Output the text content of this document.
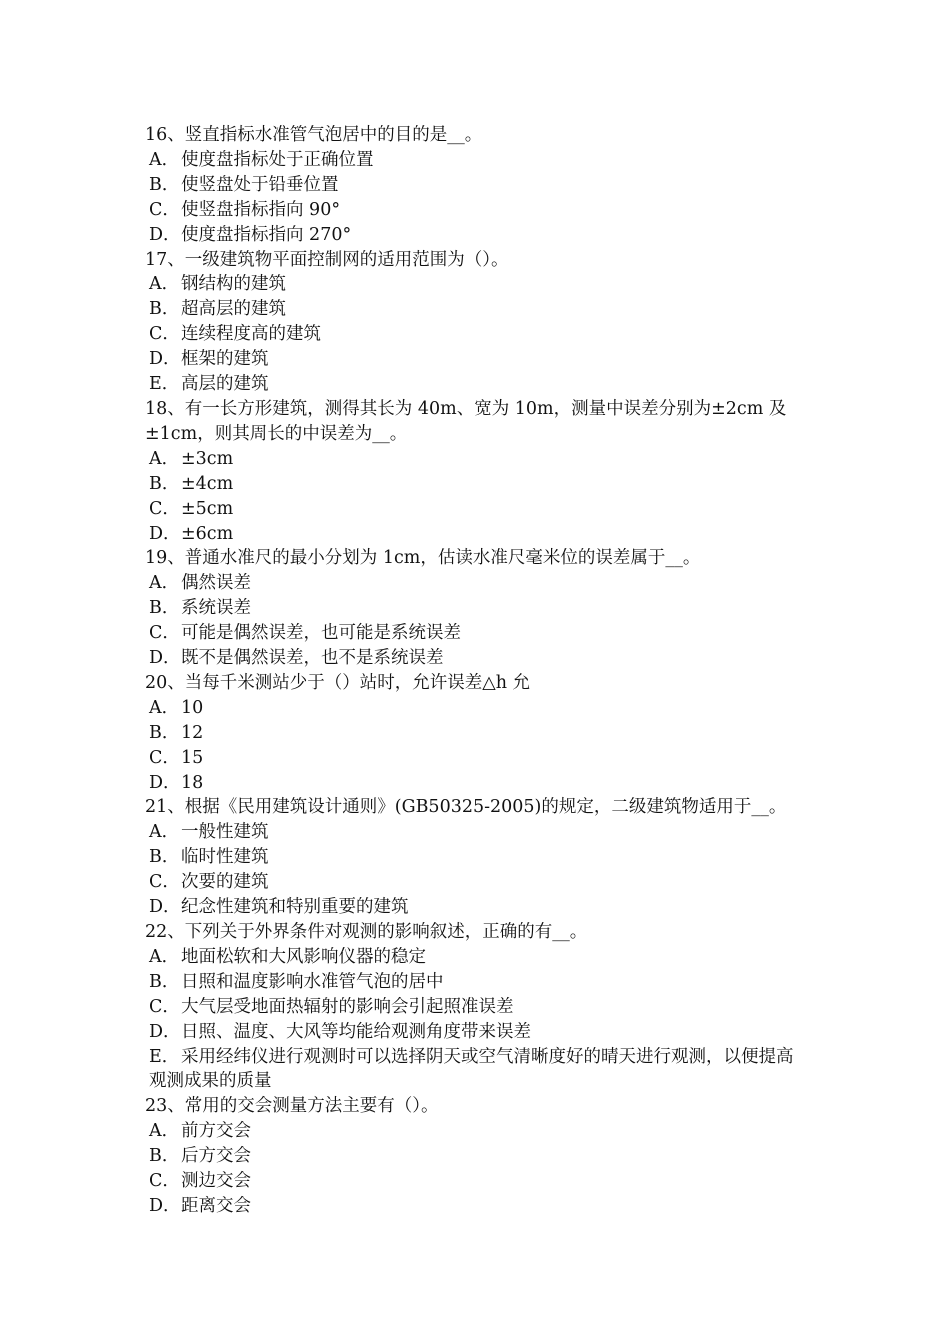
16、竖直指标水准管气泡居中的目的是__。

A． 使度盘指标处于正确位置

B．使竖盘处于铅垂位置

C．使竖盘指标指向 90°

D．使度盘指标指向 270°

17、一级建筑物平面控制网的适用范围为（）。

A． 钢结构的建筑

B．超高层的建筑

C．连续程度高的建筑

D．框架的建筑

E．高层的建筑

18、有一长方形建筑，测得其长为 40m、宽为 10m，测量中误差分别为±2cm 及±1cm，则其周长的中误差为__。

A． ±3cm

B．±4cm

C．±5cm

D．±6cm

19、普通水准尺的最小分划为 1cm，估读水准尺毫米位的误差属于__。

A． 偶然误差

B．系统误差

C．可能是偶然误差，也可能是系统误差

D．既不是偶然误差，也不是系统误差

20、当每千米测站少于（）站时，允许误差△h 允

A． 10

B．12

C．15

D．18

21、根据《民用建筑设计通则》(GB50325-2005)的规定，二级建筑物适用于__。

A． 一般性建筑

B．临时性建筑

C．次要的建筑

D．纪念性建筑和特别重要的建筑

22、下列关于外界条件对观测的影响叙述，正确的有__。

A． 地面松软和大风影响仪器的稳定

B．日照和温度影响水准管气泡的居中

C．大气层受地面热辐射的影响会引起照准误差

D．日照、温度、大风等均能给观测角度带来误差

E．采用经纬仪进行观测时可以选择阴天或空气清晰度好的晴天进行观测，以便提高观测成果的质量

23、常用的交会测量方法主要有（）。

A． 前方交会

B．后方交会

C．测边交会

D．距离交会
